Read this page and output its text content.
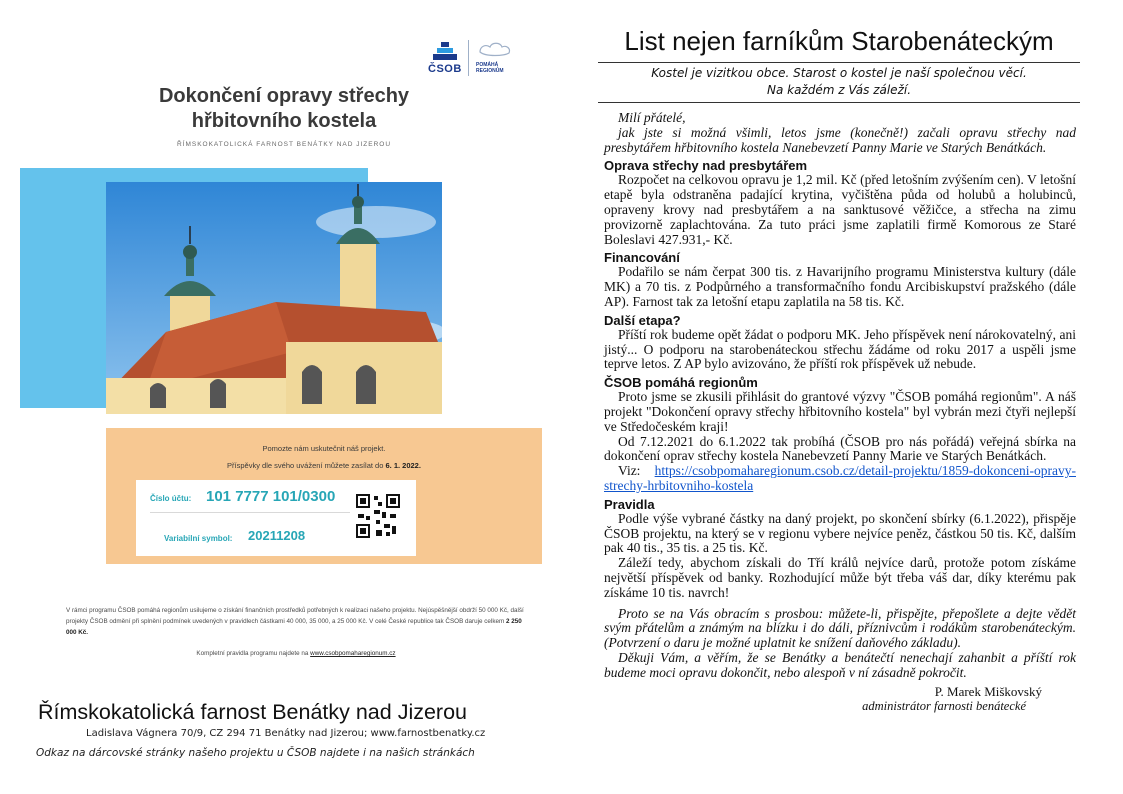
ČSOB	POMÁHÁ REGIONŮM
Dokončení opravy střechy
hřbitovního kostela
ŘÍMSKOKATOLICKÁ FARNOST BENÁTKY NAD JIZEROU
Pomozte nám uskutečnit náš projekt.
Příspěvky dle svého uvážení můžete zasílat do 6. 1. 2022.
Číslo účtu: 101 7777 101/0300
Variabilní symbol: 20211208
V rámci programu ČSOB pomáhá regionům usilujeme o získání finančních prostředků potřebných k realizaci našeho projektu. Nejúspěšnější obdrží 50 000 Kč, další projekty ČSOB odmění při splnění podmínek uvedených v pravidlech částkami 40 000, 35 000, a 25 000 Kč. V celé České republice tak ČSOB daruje celkem 2 250 000 Kč.
Kompletní pravidla programu najdete na www.csobpomaharegionum.cz
Římskokatolická farnost Benátky nad Jizerou
Ladislava Vágnera 70/9, CZ 294 71 Benátky nad Jizerou; www.farnostbenatky.cz
Odkaz na dárcovské stránky našeho projektu u ČSOB najdete i na našich stránkách
List nejen farníkům Starobenáteckým
Kostel je vizitkou obce. Starost o kostel je naší společnou věcí.
Na každém z Vás záleží.

Milí přátelé,

jak jste si možná všimli, letos jsme (konečně!) začali opravu střechy nad presbytářem hřbitovního kostela Nanebevzetí Panny Marie ve Starých Benátkách.

Oprava střechy nad presbytářem

Rozpočet na celkovou opravu je 1,2 mil. Kč (před letošním zvýšením cen). V letošní etapě byla odstraněna padající krytina, vyčištěna půda od holubů a holubinců, opraveny krovy nad presbytářem a na sanktusové věžičce, a střecha na zimu provizorně zaplachtována. Za tuto práci jsme zaplatili firmě Komorous ze Staré Boleslavi 427.931,- Kč.

Financování

Podařilo se nám čerpat 300 tis. z Havarijního programu Ministerstva kultury (dále MK) a 70 tis. z Podpůrného a transformačního fondu Arcibiskupství pražského (dále AP). Farnost tak za letošní etapu zaplatila na 58 tis. Kč.

Další etapa?

Příští rok budeme opět žádat o podporu MK. Jeho příspěvek není nárokovatelný, ani jistý... O podporu na starobenáteckou střechu žádáme od roku 2017 a uspěli jsme teprve letos. Z AP bylo avizováno, že příští rok příspěvek už nebude.

ČSOB pomáhá regionům

Proto jsme se zkusili přihlásit do grantové výzvy "ČSOB pomáhá regionům". A náš projekt "Dokončení opravy střechy hřbitovního kostela" byl vybrán mezi čtyři nejlepší ve Středočeském kraji!

Od 7.12.2021 do 6.1.2022 tak probíhá (ČSOB pro nás pořádá) veřejná sbírka na dokončení oprav střechy kostela Nanebevzetí Panny Marie ve Starých Benátkách.

Viz: https://csobpomaharegionum.csob.cz/detail-projektu/1859-dokonceni-opravy-strechy-hrbitovniho-kostela

Pravidla

Podle výše vybrané částky na daný projekt, po skončení sbírky (6.1.2022), přispěje ČSOB projektu, na který se v regionu vybere nejvíce peněz, částkou 50 tis. Kč, dalším pak 40 tis., 35 tis. a 25 tis. Kč.

Záleží tedy, abychom získali do Tří králů nejvíce darů, protože potom získáme největší příspěvek od banky. Rozhodující může být třeba váš dar, díky kterému pak získáme 10 tis. navrch!

Proto se na Vás obracím s prosbou: můžete-li, přispějte, přepošlete a dejte vědět svým přátelům a známým na blízku i do dáli, příznivcům i rodákům starobenáteckým. (Potvrzení o daru je možné uplatnit ke snížení daňového základu).

Děkuji Vám, a věřím, že se Benátky a benátečtí nenechají zahanbit a příští rok budeme moci opravu dokončit, nebo alespoň v ní zásadně pokročit.

P. Marek Miškovský
administrátor farnosti benátecké
